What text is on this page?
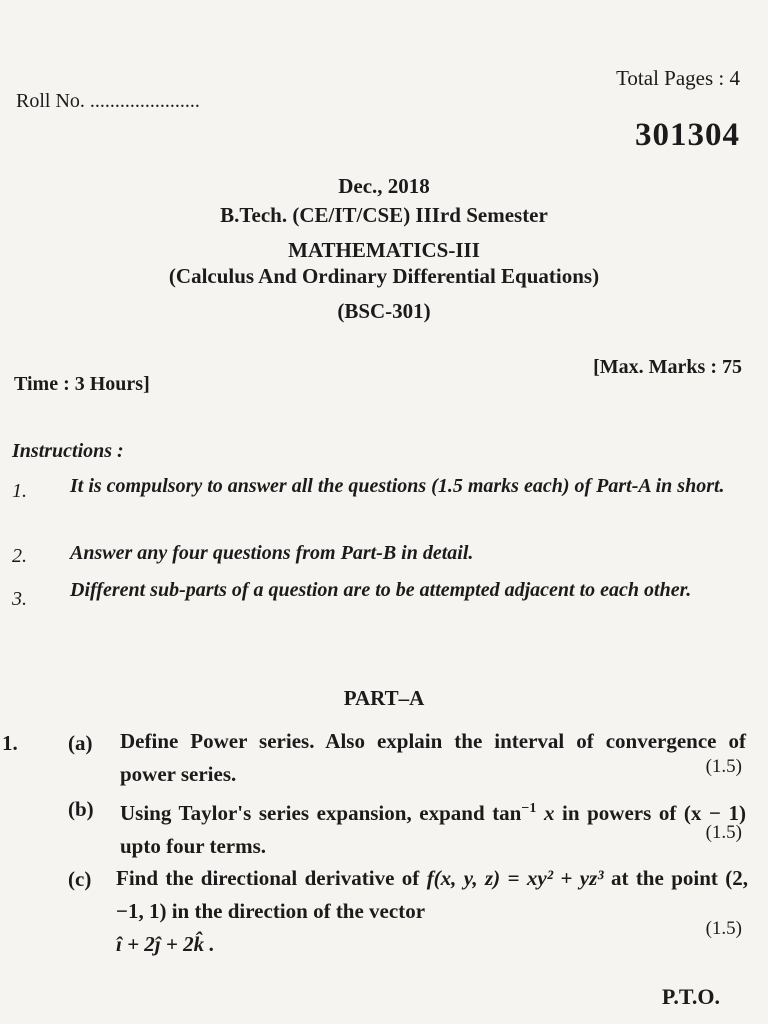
Total Pages : 4
Roll No. ......................
301304
Dec., 2018
B.Tech. (CE/IT/CSE) IIIrd Semester
MATHEMATICS-III
(Calculus And Ordinary Differential Equations)
(BSC-301)
Time : 3 Hours]
[Max. Marks : 75
Instructions :
1. It is compulsory to answer all the questions (1.5 marks each) of Part-A in short.
2. Answer any four questions from Part-B in detail.
3. Different sub-parts of a question are to be attempted adjacent to each other.
PART–A
1. (a) Define Power series. Also explain the interval of convergence of power series.	(1.5)
(b) Using Taylor's series expansion, expand $\tan^{-1} x$ in powers of (x − 1) upto four terms.
(1.5)
(c) Find the directional derivative of f(x, y, z) = xy² + yz³ at the point (2, −1, 1) in the direction of the vector
î + 2ĵ + 2k̂ .
(1.5)
P.T.O.
